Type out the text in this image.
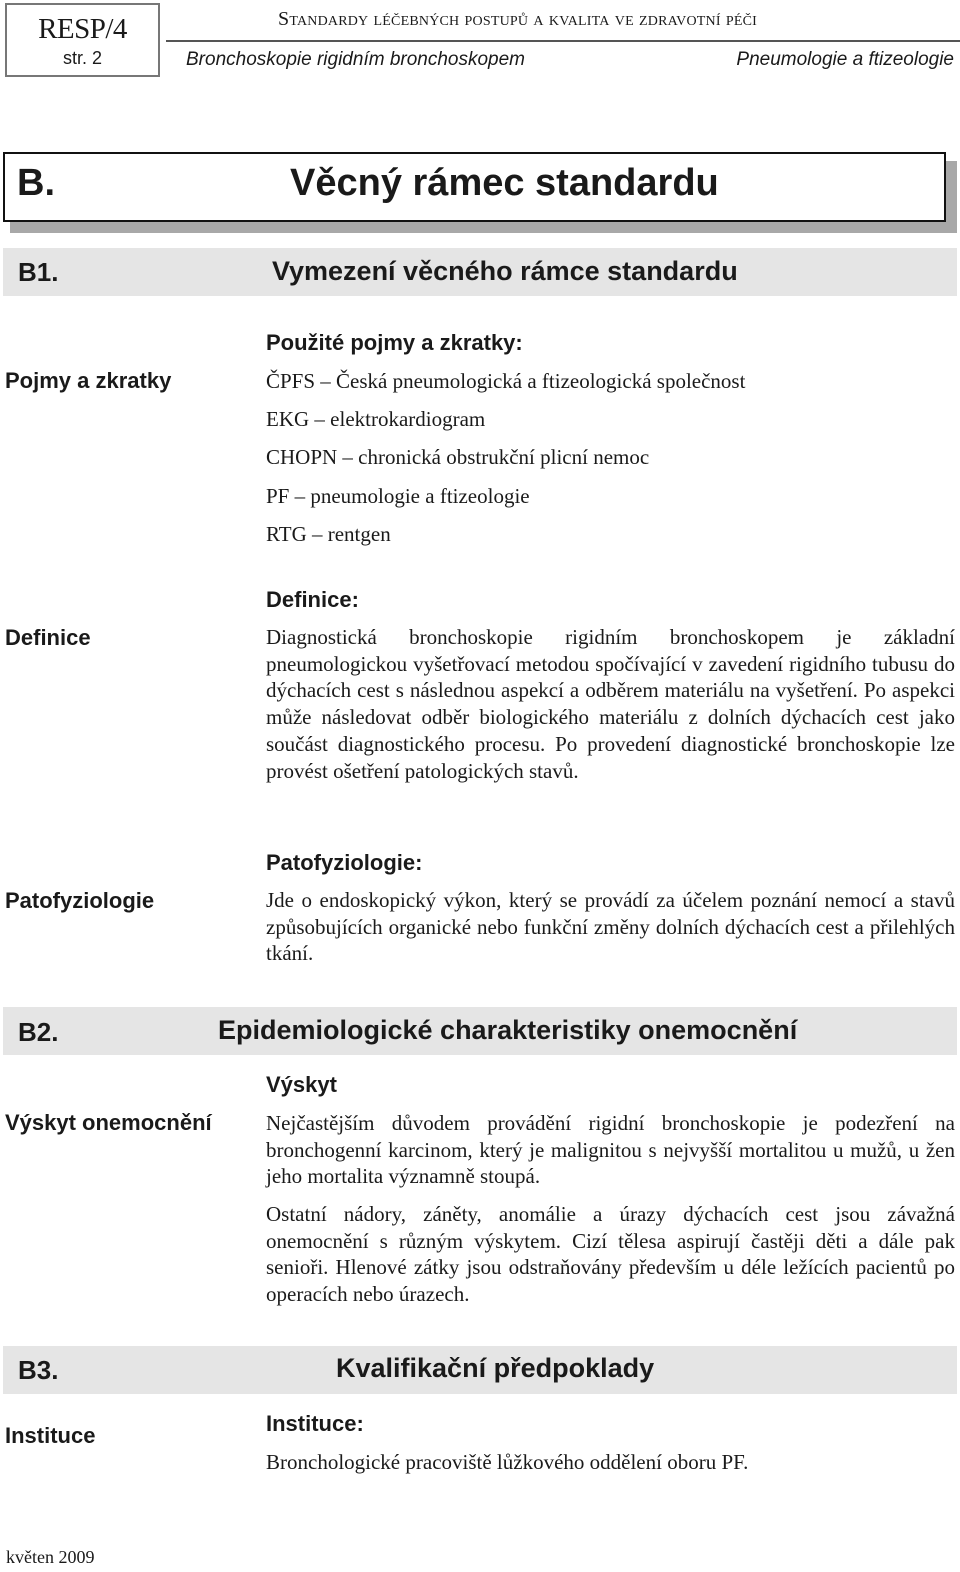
RESP/4
str. 2
Standardy léčebných postupů a kvalita ve zdravotní péči
Bronchoskopie rigidním bronchoskopem	Pneumologie a ftizeologie
B.	Věcný rámec standardu
B1.	Vymezení věcného rámce standardu
Pojmy a zkratky
Použité pojmy a zkratky:
ČPFS – Česká pneumologická a ftizeologická společnost
EKG – elektrokardiogram
CHOPN – chronická obstrukční plicní nemoc
PF – pneumologie a ftizeologie
RTG – rentgen
Definice
Definice:

Diagnostická bronchoskopie rigidním bronchoskopem je základní pneumologickou vyšetřovací metodou spočívající v zavedení rigidního tubusu do dýchacích cest s následnou aspekcí a odběrem materiálu na vyšetření. Po aspekci může následovat odběr biologického materiálu z dolních dýchacích cest jako součást diagnostického procesu. Po provedení diagnostické bronchoskopie lze provést ošetření patologických stavů.

Patofyziologie
Patofyziologie:

Jde o endoskopický výkon, který se provádí za účelem poznání nemocí a stavů způsobujících organické nebo funkční změny dolních dýchacích cest a přilehlých tkání.

B2.	Epidemiologické charakteristiky onemocnění
Výskyt onemocnění
Výskyt

Nejčastějším důvodem provádění rigidní bronchoskopie je podezření na bronchogenní karcinom, který je malignitou s nejvyšší mortalitou u mužů, u žen jeho mortalita významně stoupá.

Ostatní nádory, záněty, anomálie a úrazy dýchacích cest jsou závažná onemocnění s různým výskytem. Cizí tělesa aspirují častěji děti a dále pak senioři. Hlenové zátky jsou odstraňovány především u déle ležících pacientů po operacích nebo úrazech.

B3.	Kvalifikační předpoklady
Instituce	Instituce:
Bronchologické pracoviště lůžkového oddělení oboru PF.
květen 2009
